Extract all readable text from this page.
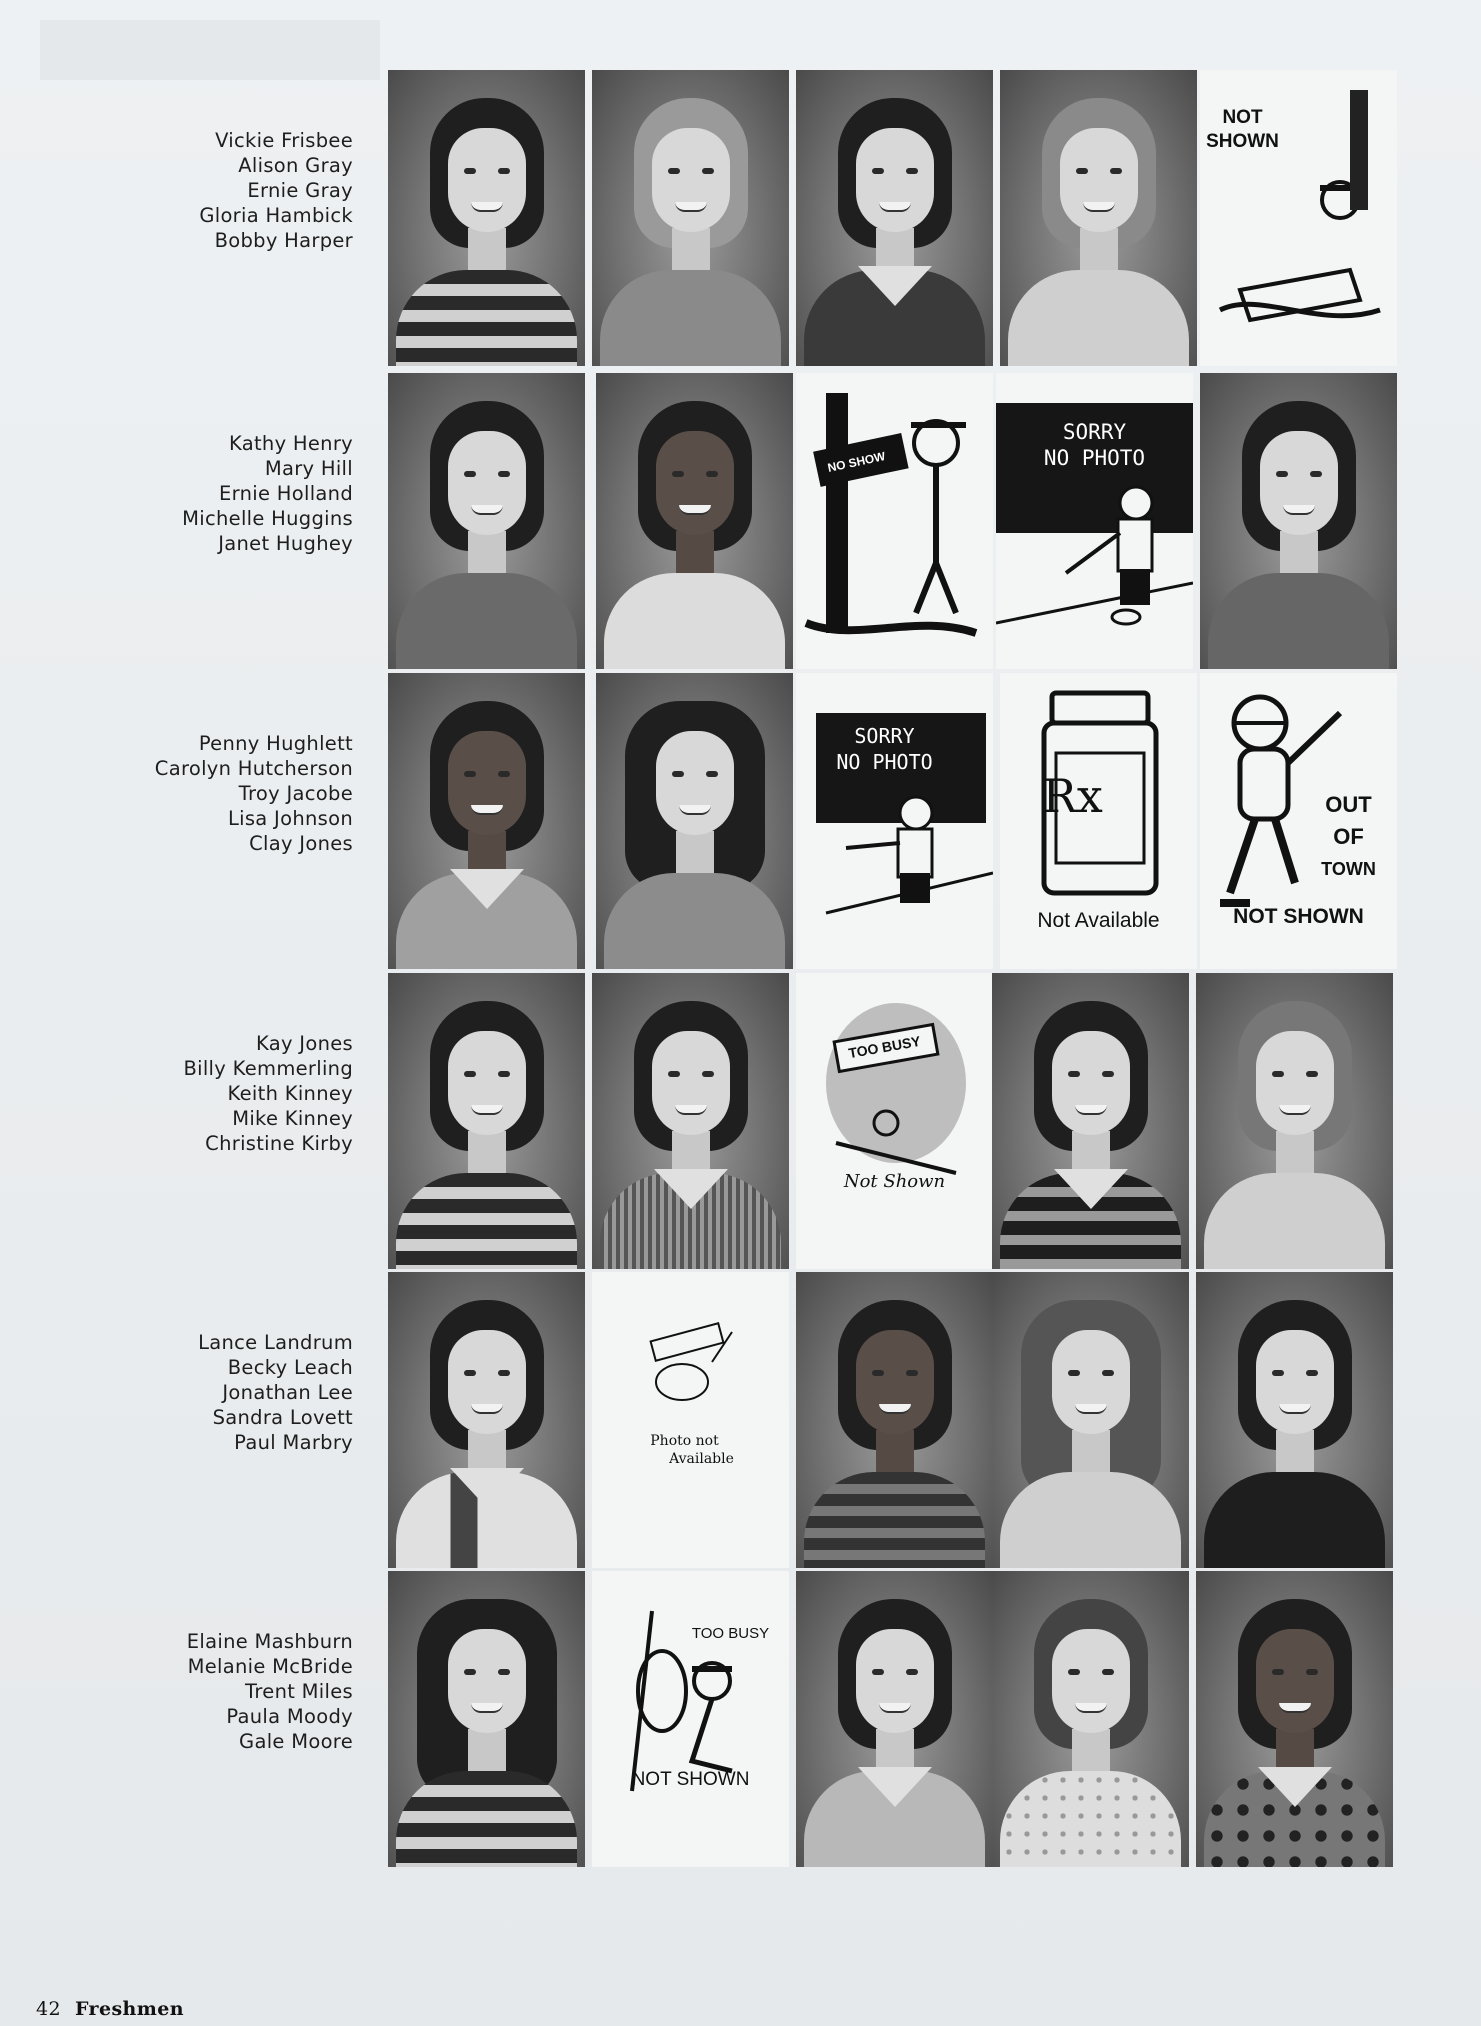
Vickie Frisbee
Alison Gray
Ernie Gray
Gloria Hambick
Bobby Harper
NOT
SHOWN
Kathy Henry
Mary Hill
Ernie Holland
Michelle Huggins
Janet Hughey
NO SHOW
SORRY
NO PHOTO
Penny Hughlett
Carolyn Hutcherson
Troy Jacobe
Lisa Johnson
Clay Jones
SORRY
NO PHOTO
Rx
Not Available
OUT
OF
TOWN
NOT SHOWN
Kay Jones
Billy Kemmerling
Keith Kinney
Mike Kinney
Christine Kirby
TOO BUSY
Not Shown
Lance Landrum
Becky Leach
Jonathan Lee
Sandra Lovett
Paul Marbry	Photo not
Available
Elaine Mashburn
Melanie McBride
Trent Miles
Paula Moody
Gale Moore
TOO BUSY
NOT SHOWN
42 Freshmen
